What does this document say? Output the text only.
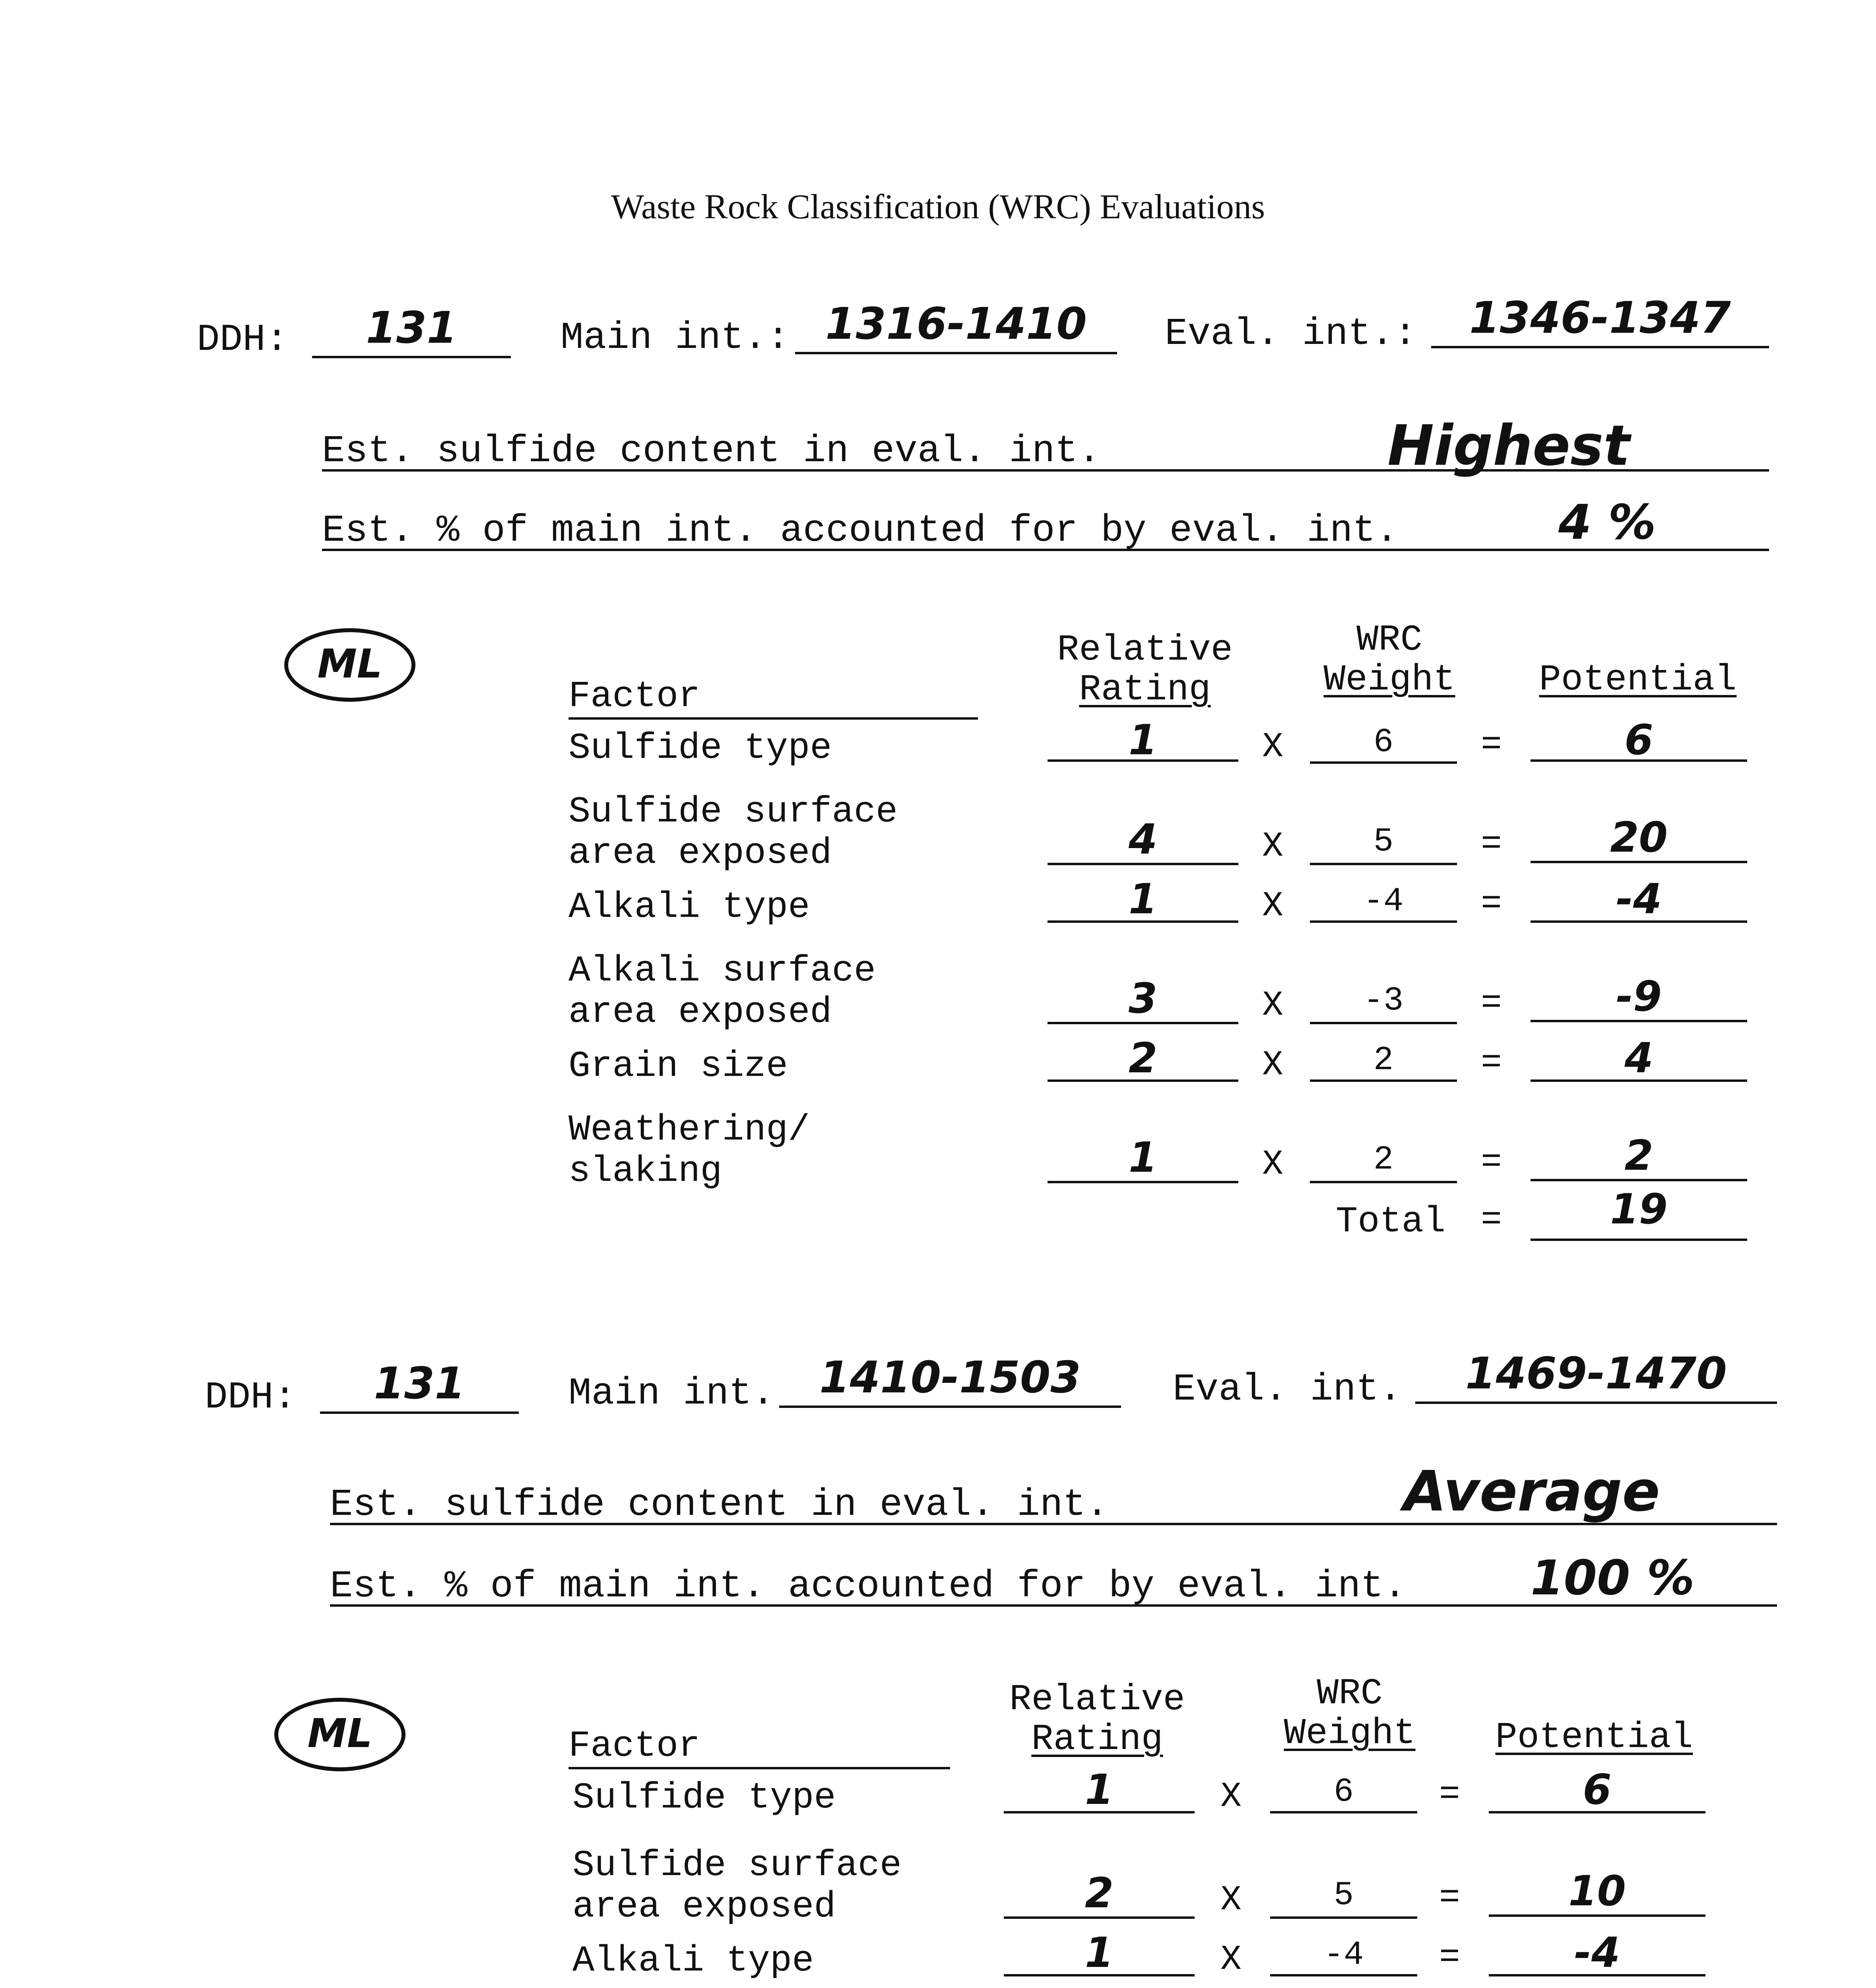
Waste Rock Classification (WRC) Evaluations
DDH:	131	Main int.: 1316-1410	Eval. int.:	1346-1347
Est. sulfide content in eval. int.	Highest
Est. % of main int. accounted for by eval. int.	4 %
ML
Factor
Relative
Rating
WRC
Weight	Potential
Sulfide type	1	X	6	=	6
Sulfide surface
area exposed	4	X	5	=	20
Alkali type	1	X	-4	=	-4
Alkali surface
area exposed	3	X	-3	=	-9
Grain size	2	X	2	=	4
Weathering/
slaking	1	X	2	=	2
Total =	19
DDH:	131	Main int.	1410-1503	Eval. int.	1469-1470
Est. sulfide content in eval. int.	Average
Est. % of main int. accounted for by eval. int.	100 %
ML	Factor
Relative
Rating
WRC
Weight	Potential
Sulfide type	1	X	6	=	6
Sulfide surface
area exposed	2	X	5	=	10
Alkali type	1	X	-4	=	-4
